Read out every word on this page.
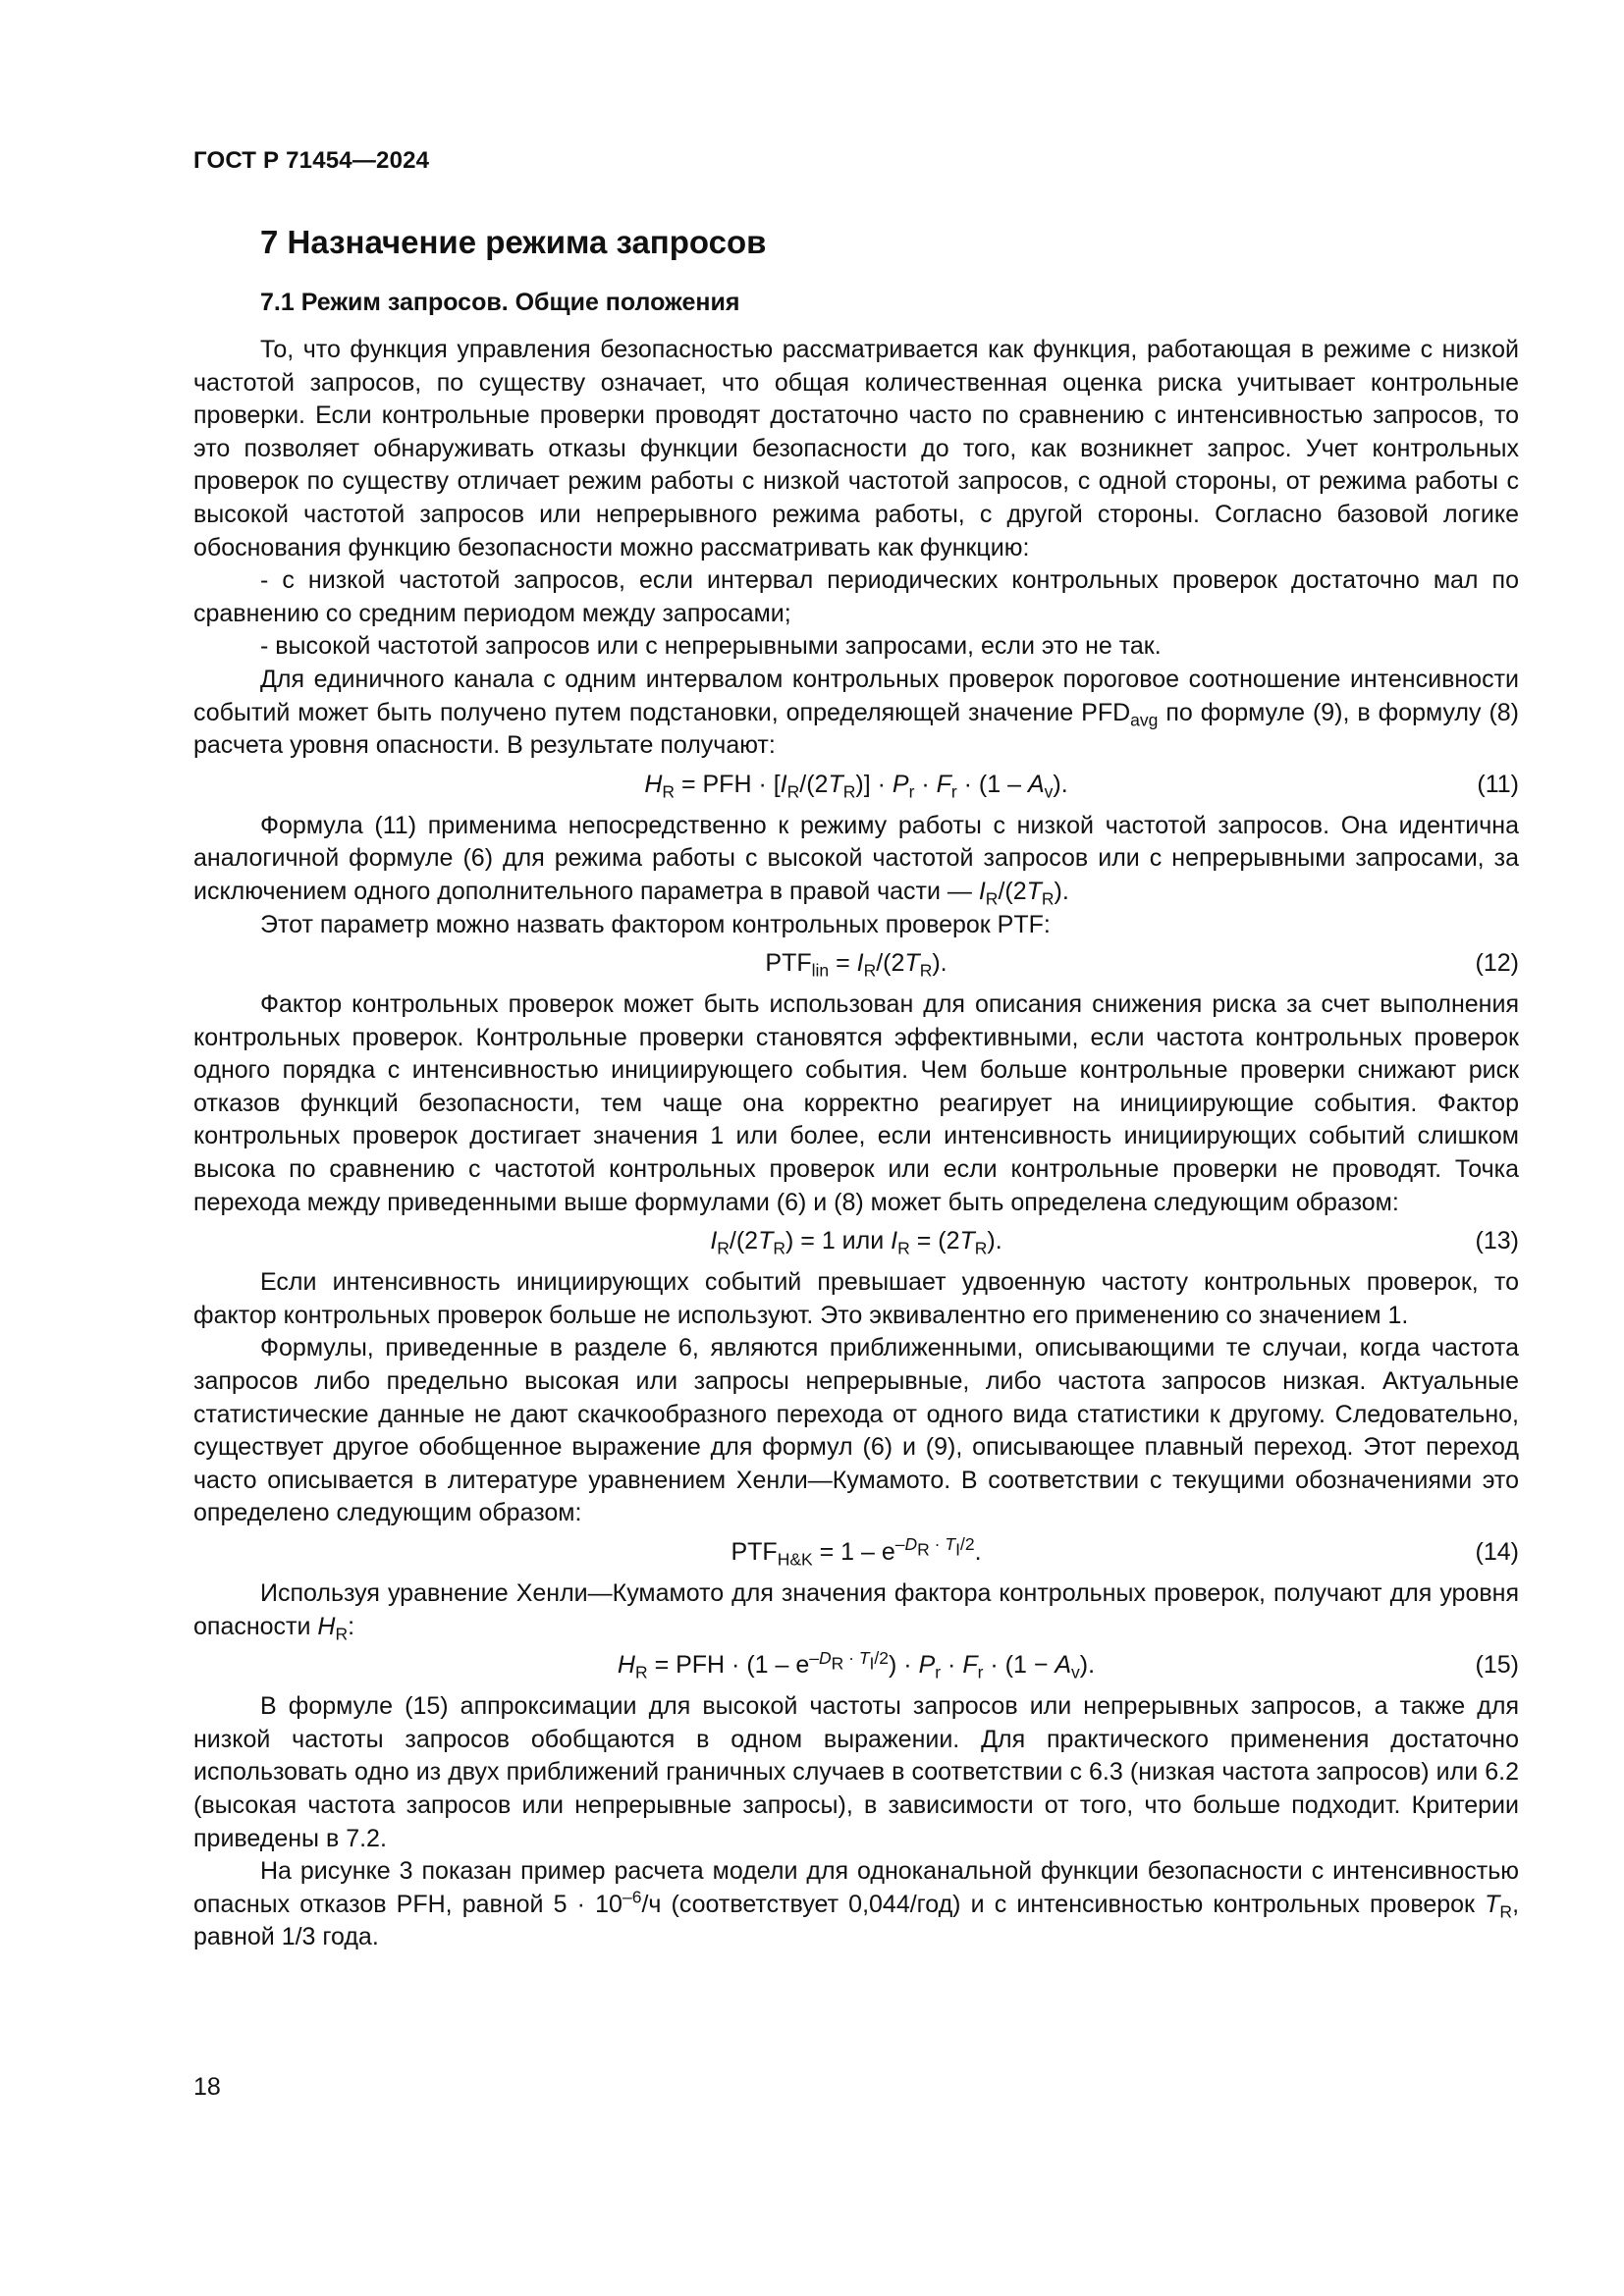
ГОСТ Р 71454—2024
7 Назначение режима запросов
7.1 Режим запросов. Общие положения

То, что функция управления безопасностью рассматривается как функция, работающая в режиме с низкой частотой запросов, по существу означает, что общая количественная оценка риска учитывает контрольные проверки. Если контрольные проверки проводят достаточно часто по сравнению с интенсивностью запросов, то это позволяет обнаруживать отказы функции безопасности до того, как возникнет запрос. Учет контрольных проверок по существу отличает режим работы с низкой частотой запросов, с одной стороны, от режима работы с высокой частотой запросов или непрерывного режима работы, с другой стороны. Согласно базовой логике обоснования функцию безопасности можно рассматривать как функцию:

- с низкой частотой запросов, если интервал периодических контрольных проверок достаточно мал по сравнению со средним периодом между запросами;

- высокой частотой запросов или с непрерывными запросами, если это не так.

Для единичного канала с одним интервалом контрольных проверок пороговое соотношение интенсивности событий может быть получено путем подстановки, определяющей значение $PFD_{avg}$ по формуле (9), в формулу (8) расчета уровня опасности. В результате получают:

$H_R$ = PFH · $[I_R/(2T_R)] \cdot P_r \cdot F_r \cdot (1 - A_v)$.	(11)

Формула (11) применима непосредственно к режиму работы с низкой частотой запросов. Она идентична аналогичной формуле (6) для режима работы с высокой частотой запросов или с непрерывными запросами, за исключением одного дополнительного параметра в правой части — $I_R/(2T_R)$.

Этот параметр можно назвать фактором контрольных проверок PTF:

$PTF_{lin} = I_R/(2T_R)$.	(12)

Фактор контрольных проверок может быть использован для описания снижения риска за счет выполнения контрольных проверок. Контрольные проверки становятся эффективными, если частота контрольных проверок одного порядка с интенсивностью инициирующего события. Чем больше контрольные проверки снижают риск отказов функций безопасности, тем чаще она корректно реагирует на инициирующие события. Фактор контрольных проверок достигает значения 1 или более, если интенсивность инициирующих событий слишком высока по сравнению с частотой контрольных проверок или если контрольные проверки не проводят. Точка перехода между приведенными выше формулами (6) и (8) может быть определена следующим образом:

$I_R/(2T_R) = 1$ или $I_R = (2T_R)$.	(13)

Если интенсивность инициирующих событий превышает удвоенную частоту контрольных проверок, то фактор контрольных проверок больше не используют. Это эквивалентно его применению со значением 1.

Формулы, приведенные в разделе 6, являются приближенными, описывающими те случаи, когда частота запросов либо предельно высокая или запросы непрерывные, либо частота запросов низкая. Актуальные статистические данные не дают скачкообразного перехода от одного вида статистики к другому. Следовательно, существует другое обобщенное выражение для формул (6) и (9), описывающее плавный переход. Этот переход часто описывается в литературе уравнением Хенли—Кумамото. В соответствии с текущими обозначениями это определено следующим образом:

$PTF_{H\&K} = 1 - e^{-D_R \cdot T_I/2}$.	(14)

Используя уравнение Хенли—Кумамото для значения фактора контрольных проверок, получают для уровня опасности $H_R$:

$H_R$ = PFH · $(1 - e^{-D_R \cdot T_I/2}) \cdot P_r \cdot F_r \cdot (1 - A_v)$.	(15)

В формуле (15) аппроксимации для высокой частоты запросов или непрерывных запросов, а также для низкой частоты запросов обобщаются в одном выражении. Для практического применения достаточно использовать одно из двух приближений граничных случаев в соответствии с 6.3 (низкая частота запросов) или 6.2 (высокая частота запросов или непрерывные запросы), в зависимости от того, что больше подходит. Критерии приведены в 7.2.

На рисунке 3 показан пример расчета модели для одноканальной функции безопасности с интенсивностью опасных отказов PFH, равной $5 \cdot 10^{-6}/ч$ (соответствует 0,044/год) и с интенсивностью контрольных проверок $T_R$, равной 1/3 года.

18
